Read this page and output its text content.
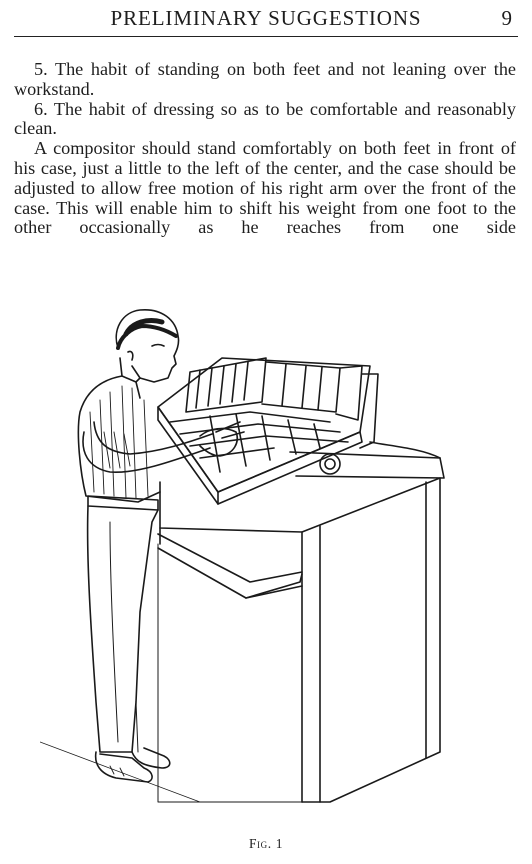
PRELIMINARY SUGGESTIONS	9

5. The habit of standing on both feet and not leaning over the workstand.

6. The habit of dressing so as to be comfortable and reasonably clean.

A compositor should stand comfortably on both feet in front of his case, just a little to the left of the center, and the case should be adjusted to allow free motion of his right arm over the front of the case. This will enable him to shift his weight from one foot to the other occasionally as he reaches from one side

Fig. 1
